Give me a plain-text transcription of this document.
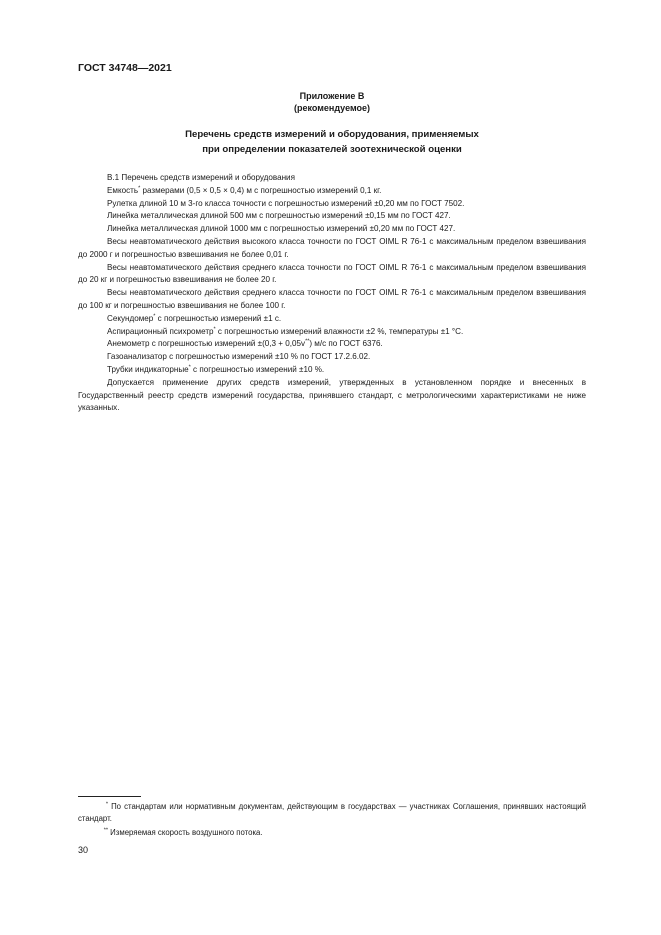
ГОСТ 34748—2021
Приложение В
(рекомендуемое)
Перечень средств измерений и оборудования, применяемых
при определении показателей зоотехнической оценки

В.1 Перечень средств измерений и оборудования

Емкость* размерами (0,5 × 0,5 × 0,4) м с погрешностью измерений 0,1 кг.

Рулетка длиной 10 м 3-го класса точности с погрешностью измерений ±0,20 мм по ГОСТ 7502.

Линейка металлическая длиной 500 мм с погрешностью измерений ±0,15 мм по ГОСТ 427.

Линейка металлическая длиной 1000 мм с погрешностью измерений ±0,20 мм по ГОСТ 427.

Весы неавтоматического действия высокого класса точности по ГОСТ OIML R 76-1 с максимальным пределом взвешивания до 2000 г и погрешностью взвешивания не более 0,01 г.

Весы неавтоматического действия среднего класса точности по ГОСТ OIML R 76-1 с максимальным пределом взвешивания до 20 кг и погрешностью взвешивания не более 20 г.

Весы неавтоматического действия среднего класса точности по ГОСТ OIML R 76-1 с максимальным пределом взвешивания до 100 кг и погрешностью взвешивания не более 100 г.

Секундомер* с погрешностью измерений ±1 с.

Аспирационный психрометр* с погрешностью измерений влажности ±2 %, температуры ±1 °С.

Анемометр с погрешностью измерений ±(0,3 + 0,05v**) м/с по ГОСТ 6376.

Газоанализатор с погрешностью измерений ±10 % по ГОСТ 17.2.6.02.

Трубки индикаторные* с погрешностью измерений ±10 %.

Допускается применение других средств измерений, утвержденных в установленном порядке и внесенных в Государственный реестр средств измерений государства, принявшего стандарт, с метрологическими характеристиками не ниже указанных.

* По стандартам или нормативным документам, действующим в государствах — участниках Соглашения, принявших настоящий стандарт.
** Измеряемая скорость воздушного потока.
30
